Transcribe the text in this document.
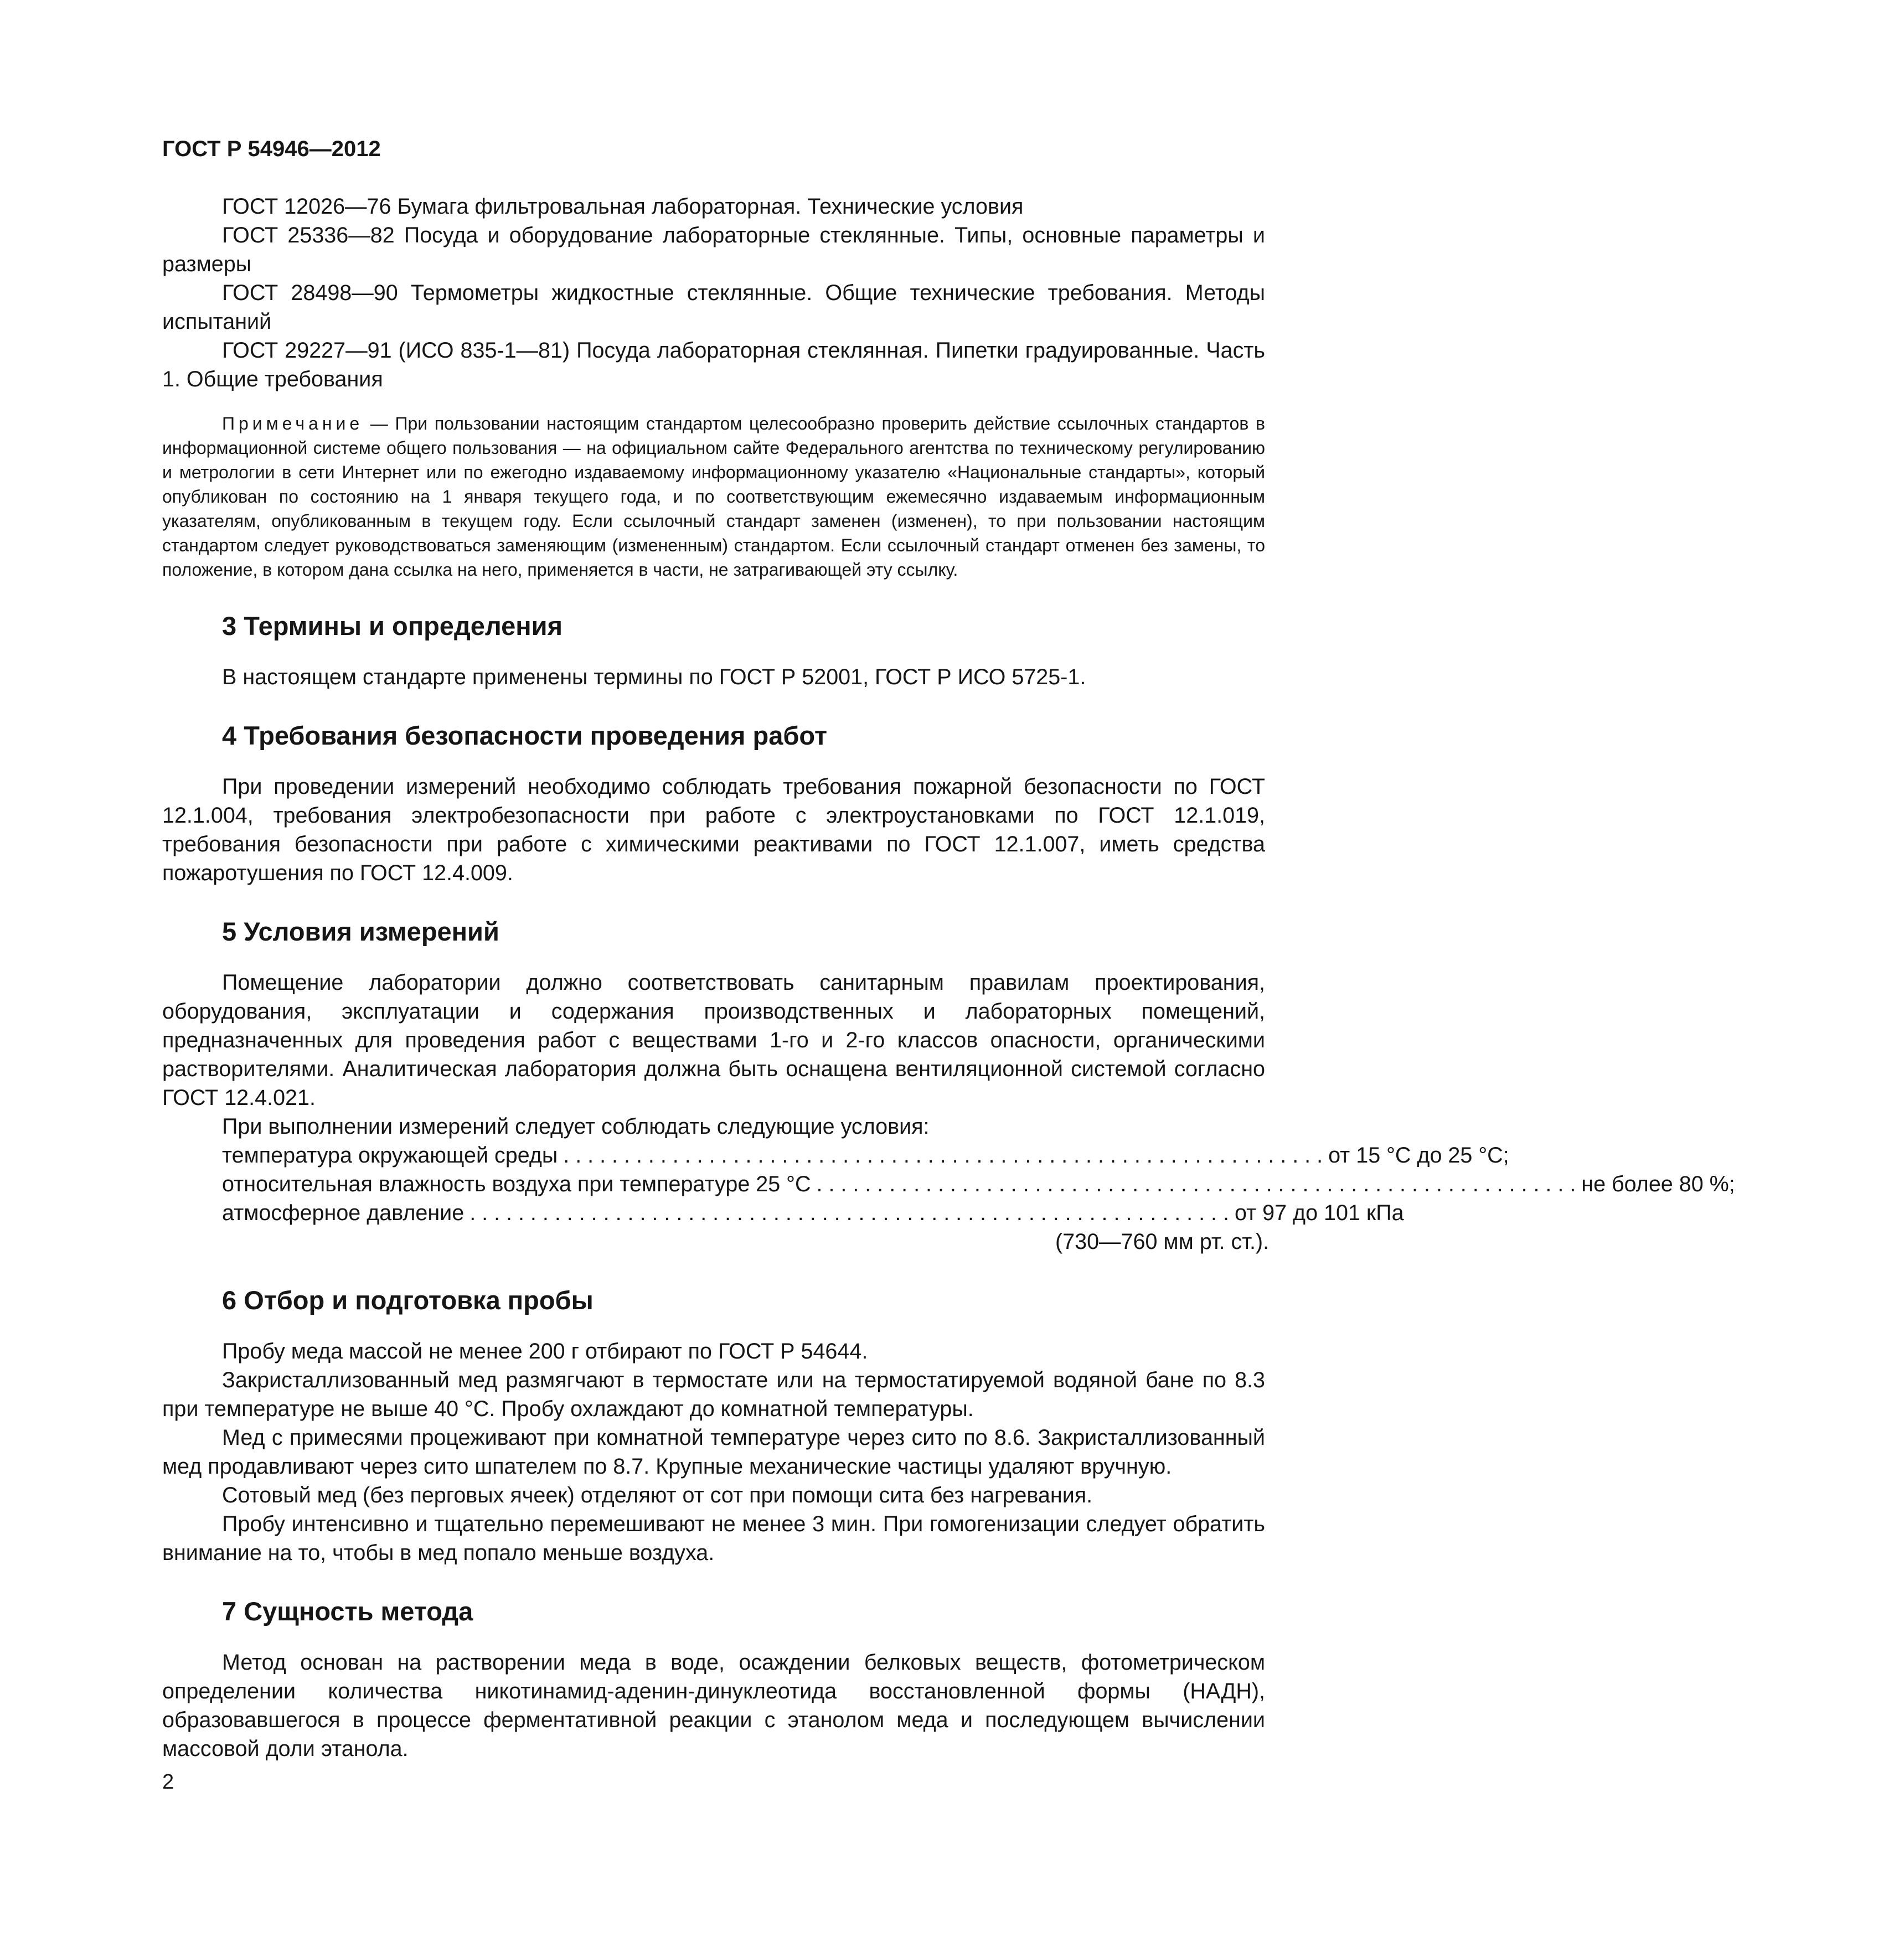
ГОСТ Р 54946—2012

ГОСТ 12026—76 Бумага фильтровальная лабораторная. Технические условия

ГОСТ 25336—82 Посуда и оборудование лабораторные стеклянные. Типы, основные параметры и размеры

ГОСТ 28498—90 Термометры жидкостные стеклянные. Общие технические требования. Методы испытаний

ГОСТ 29227—91 (ИСО 835-1—81) Посуда лабораторная стеклянная. Пипетки градуированные. Часть 1. Общие требования

Примечание — При пользовании настоящим стандартом целесообразно проверить действие ссылочных стандартов в информационной системе общего пользования — на официальном сайте Федерального агентства по техническому регулированию и метрологии в сети Интернет или по ежегодно издаваемому информационному указателю «Национальные стандарты», который опубликован по состоянию на 1 января текущего года, и по соответствующим ежемесячно издаваемым информационным указателям, опубликованным в текущем году. Если ссылочный стандарт заменен (изменен), то при пользовании настоящим стандартом следует руководствоваться заменяющим (измененным) стандартом. Если ссылочный стандарт отменен без замены, то положение, в котором дана ссылка на него, применяется в части, не затрагивающей эту ссылку.

3 Термины и определения

В настоящем стандарте применены термины по ГОСТ Р 52001, ГОСТ Р ИСО 5725-1.

4 Требования безопасности проведения работ

При проведении измерений необходимо соблюдать требования пожарной безопасности по ГОСТ 12.1.004, требования электробезопасности при работе с электроустановками по ГОСТ 12.1.019, требования безопасности при работе с химическими реактивами по ГОСТ 12.1.007, иметь средства пожаротушения по ГОСТ 12.4.009.

5 Условия измерений

Помещение лаборатории должно соответствовать санитарным правилам проектирования, оборудования, эксплуатации и содержания производственных и лабораторных помещений, предназначенных для проведения работ с веществами 1-го и 2-го классов опасности, органическими растворителями. Аналитическая лаборатория должна быть оснащена вентиляционной системой согласно ГОСТ 12.4.021.

При выполнении измерений следует соблюдать следующие условия:

температура окружающей среды . . . . . . . . . . . . . . . . . . . . . . . . . . . . . . . . . . . . . . . . . . . . . . . . . . . . . . . . . . . . . . . от 15 °С до 25 °С;
относительная влажность воздуха при температуре 25 °С . . . . . . . . . . . . . . . . . . . . . . . . . . . . . . . . . . . . . . . . . . . . . . . . . . . . . . . . . . . . . . . не более 80 %;
атмосферное давление . . . . . . . . . . . . . . . . . . . . . . . . . . . . . . . . . . . . . . . . . . . . . . . . . . . . . . . . . . . . . . . от 97 до 101 кПа
(730—760 мм рт. ст.).
6 Отбор и подготовка пробы

Пробу меда массой не менее 200 г отбирают по ГОСТ Р 54644.

Закристаллизованный мед размягчают в термостате или на термостатируемой водяной бане по 8.3 при температуре не выше 40 °С. Пробу охлаждают до комнатной температуры.

Мед с примесями процеживают при комнатной температуре через сито по 8.6. Закристаллизованный мед продавливают через сито шпателем по 8.7. Крупные механические частицы удаляют вручную.

Сотовый мед (без перговых ячеек) отделяют от сот при помощи сита без нагревания.

Пробу интенсивно и тщательно перемешивают не менее 3 мин. При гомогенизации следует обратить внимание на то, чтобы в мед попало меньше воздуха.

7 Сущность метода

Метод основан на растворении меда в воде, осаждении белковых веществ, фотометрическом определении количества никотинамид-аденин-динуклеотида восстановленной формы (НАДН), образовавшегося в процессе ферментативной реакции с этанолом меда и последующем вычислении массовой доли этанола.

2
